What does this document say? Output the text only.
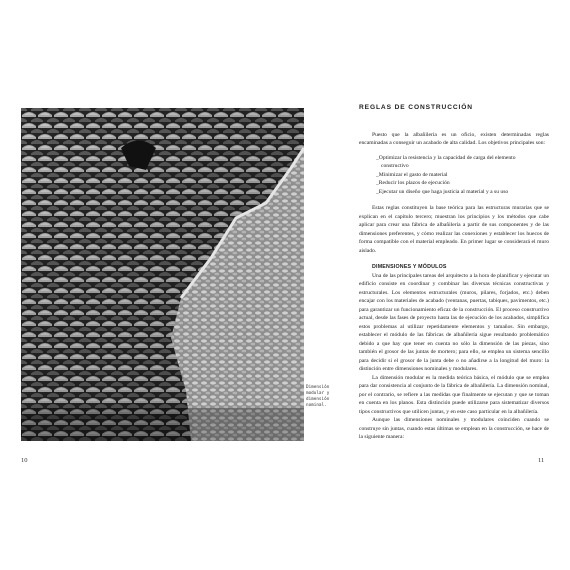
Dimensión
modular y
dimensión
nominal.
10
REGLAS DE CONSTRUCCIÓN

Puesto que la albañilería es un oficio, existen determinadas reglas encaminadas a conseguir un acabado de alta calidad. Los objetivos principales son:

_Optimizar la resistencia y la capacidad de carga del elemento
constructivo
_Minimizar el gasto de material
_Reducir los plazos de ejecución
_Ejecutar un diseño que haga justicia al material y a su uso

Estas reglas constituyen la base teórica para las estructuras murarias que se explican en el capítulo tercero; muestran los principios y los métodos que cabe aplicar para crear una fábrica de albañilería a partir de sus componentes y de las dimensiones preferentes, y cómo realizar las conexiones y establecer los huecos de forma compatible con el material empleado. En primer lugar se considerará el muro aislado.

DIMENSIONES Y MÓDULOS

Una de las principales tareas del arquitecto a la hora de planificar y ejecutar un edificio consiste en coordinar y combinar las diversas técnicas constructivas y estructurales. Los elementos estructurales (muros, pilares, forjados, etc.) deben encajar con los materiales de acabado (ventanas, puertas, tabiques, pavimentos, etc.) para garantizar un funcionamiento eficaz de la construcción. El proceso constructivo actual, desde las fases de proyecto hasta las de ejecución de los acabados, simplifica estos problemas al utilizar repetidamente elementos y tamaños. Sin embargo, establecer el módulo de las fábricas de albañilería sigue resultando problemático debido a que hay que tener en cuenta no sólo la dimensión de las piezas, sino también el grosor de las juntas de mortero; para ello, se emplea un sistema sencillo para decidir si el grosor de la junta debe o no añadirse a la longitud del muro: la distinción entre dimensiones nominales y modulares.

La dimensión modular es la medida teórica básica, el módulo que se emplea para dar consistencia al conjunto de la fábrica de albañilería. La dimensión nominal, por el contrario, se refiere a las medidas que finalmente se ejecutan y que se toman en cuenta en los planos. Esta distinción puede utilizarse para sistematizar diversos tipos constructivos que utilicen juntas, y en este caso particular en la albañilería.

Aunque las dimensiones nominales y modulares coinciden cuando se construye sin juntas, cuando estas últimas se emplean en la construcción, se hace de la siguiente manera:

11
